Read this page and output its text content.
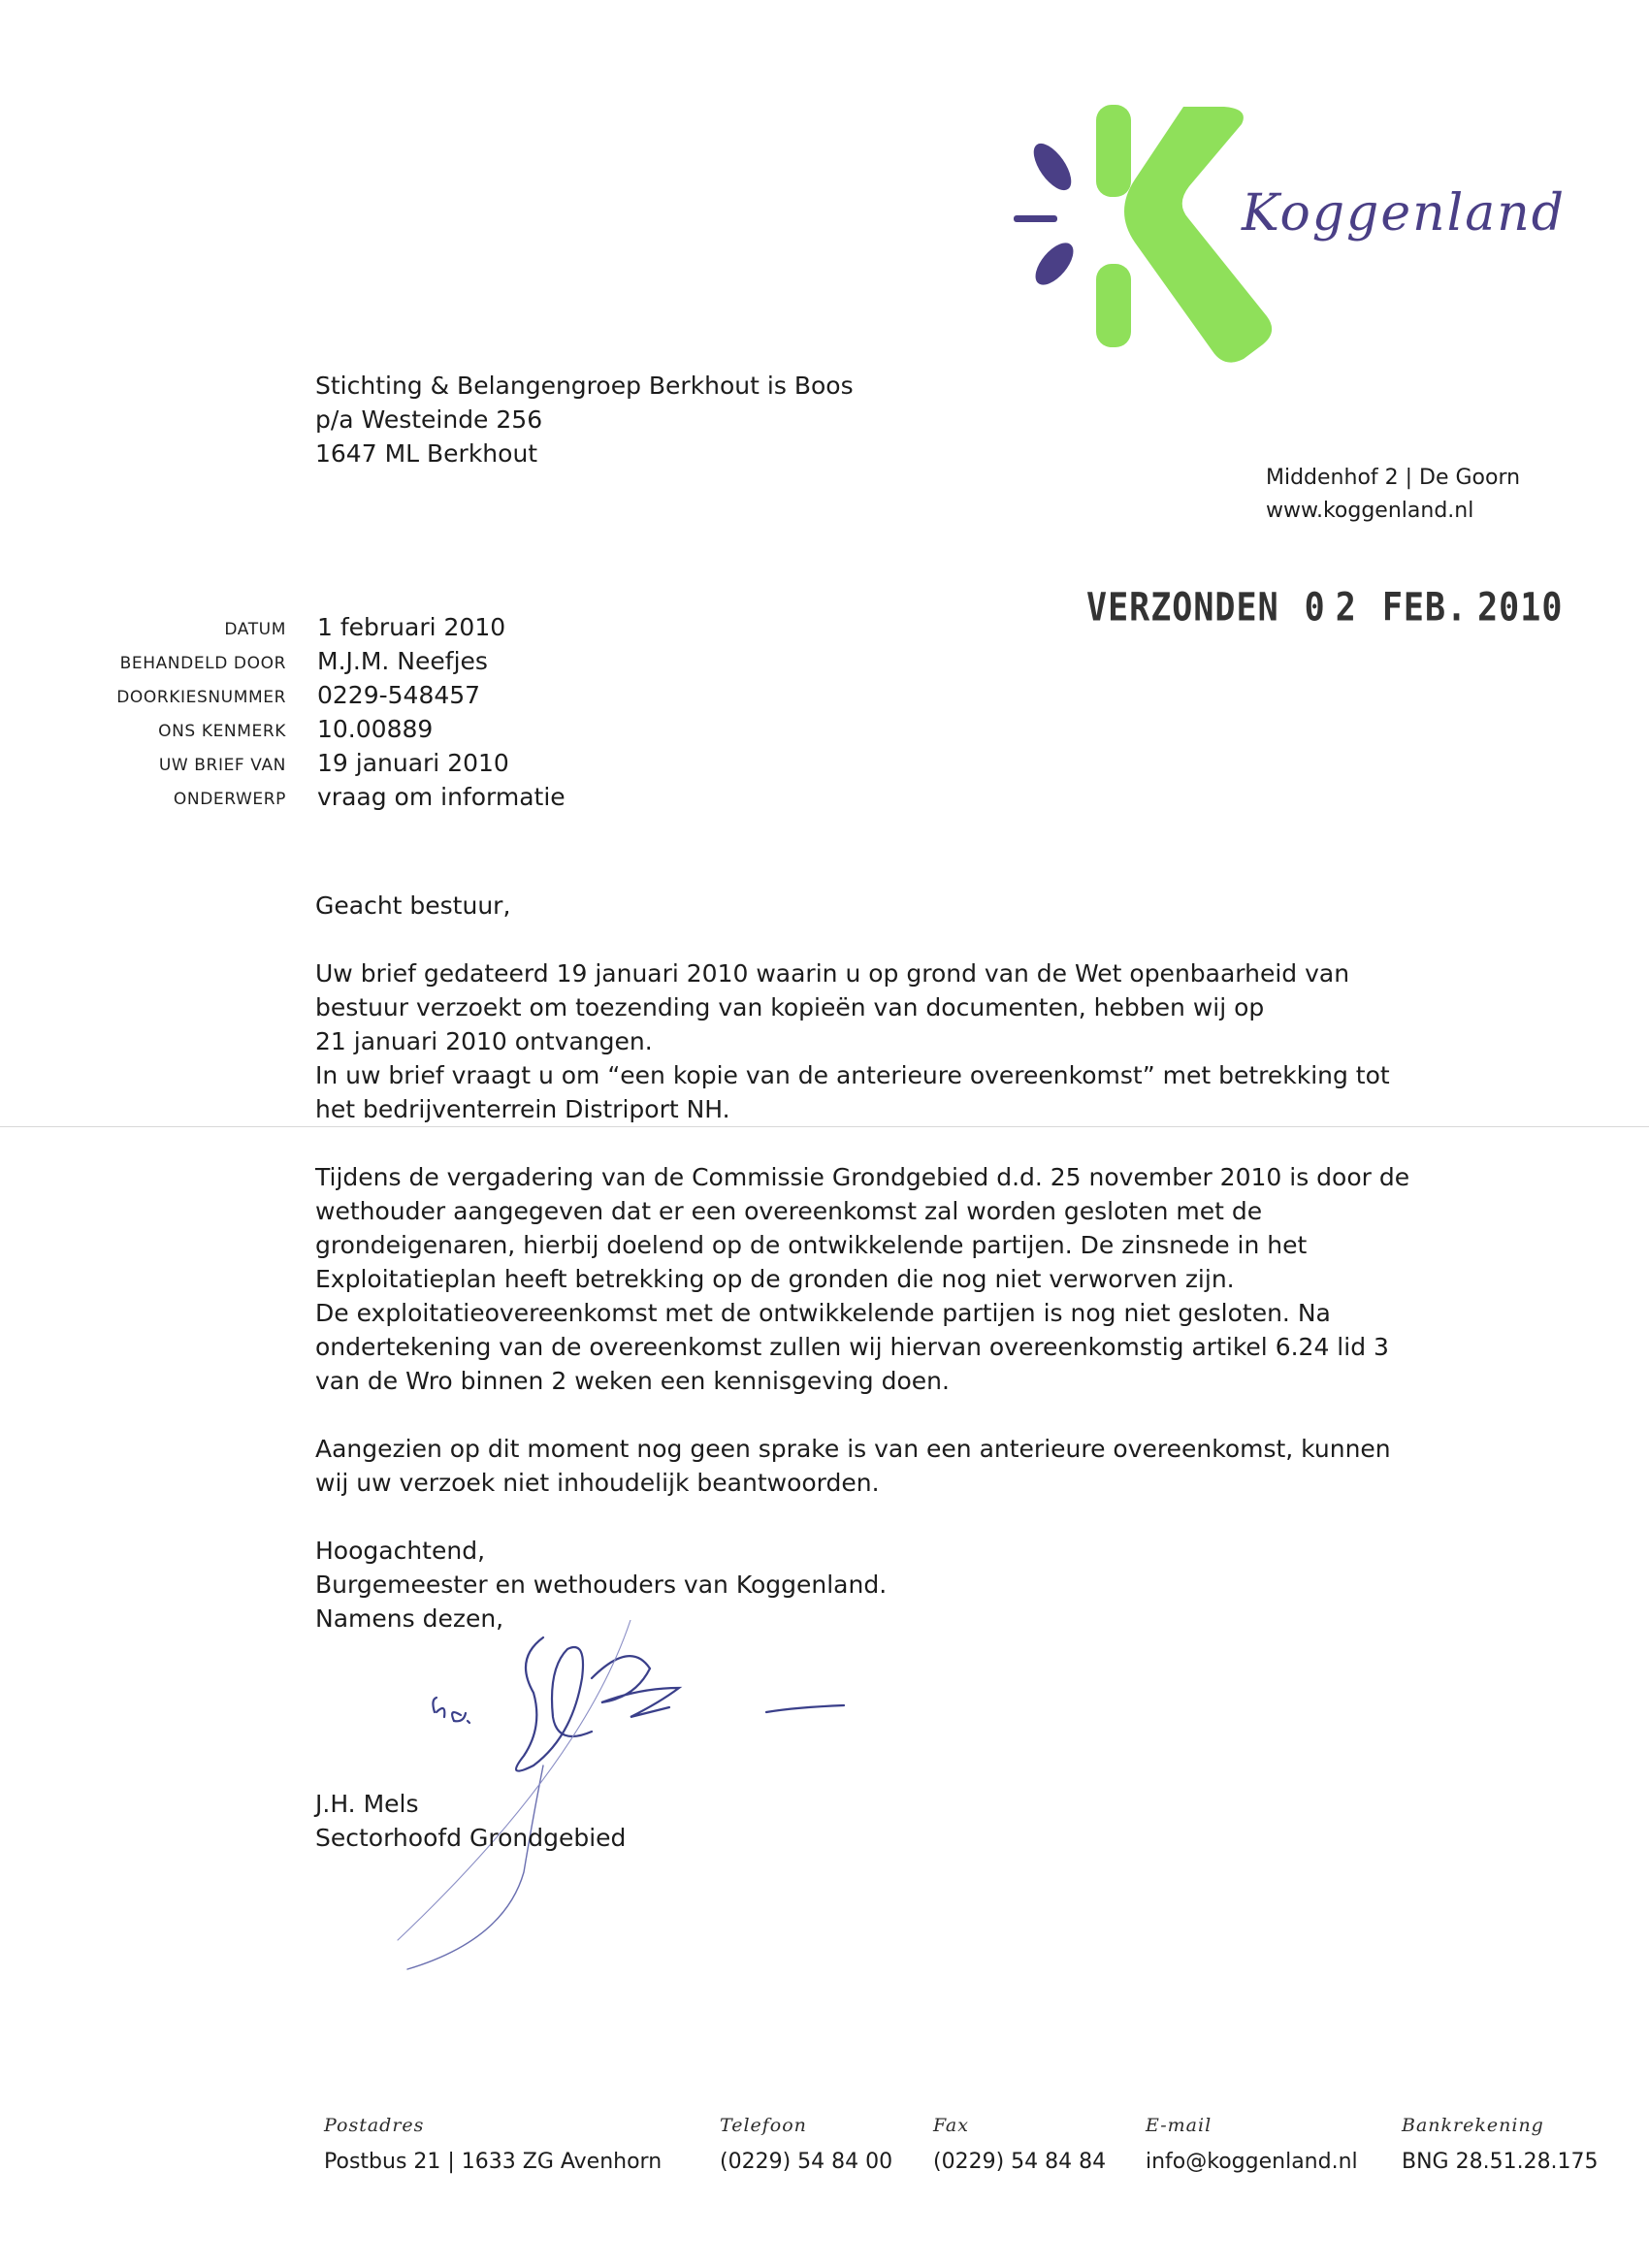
Koggenland
Stichting & Belangengroep Berkhout is Boos
p/a Westeinde 256
1647 ML Berkhout
Middenhof 2 | De Goorn
www.koggenland.nl
VERZONDEN 0 2 FEB. 2010
DATUM 1 februari 2010
BEHANDELD DOOR M.J.M. Neefjes
DOORKIESNUMMER 0229-548457
ONS KENMERK 10.00889
UW BRIEF VAN 19 januari 2010
ONDERWERP vraag om informatie

Geacht bestuur,

Uw brief gedateerd 19 januari 2010 waarin u op grond van de Wet openbaarheid van

bestuur verzoekt om toezending van kopieën van documenten, hebben wij op

21 januari 2010 ontvangen.

In uw brief vraagt u om “een kopie van de anterieure overeenkomst” met betrekking tot

het bedrijventerrein Distriport NH.

Tijdens de vergadering van de Commissie Grondgebied d.d. 25 november 2010 is door de

wethouder aangegeven dat er een overeenkomst zal worden gesloten met de

grondeigenaren, hierbij doelend op de ontwikkelende partijen. De zinsnede in het

Exploitatieplan heeft betrekking op de gronden die nog niet verworven zijn.

De exploitatieovereenkomst met de ontwikkelende partijen is nog niet gesloten. Na

ondertekening van de overeenkomst zullen wij hiervan overeenkomstig artikel 6.24 lid 3

van de Wro binnen 2 weken een kennisgeving doen.

Aangezien op dit moment nog geen sprake is van een anterieure overeenkomst, kunnen

wij uw verzoek niet inhoudelijk beantwoorden.

Hoogachtend,

Burgemeester en wethouders van Koggenland.

Namens dezen,

J.H. Mels
Sectorhoofd Grondgebied
Postadres
Postbus 21 | 1633 ZG Avenhorn
Telefoon
(0229) 54 84 00
Fax
(0229) 54 84 84
E-mail
info@koggenland.nl
Bankrekening
BNG 28.51.28.175
